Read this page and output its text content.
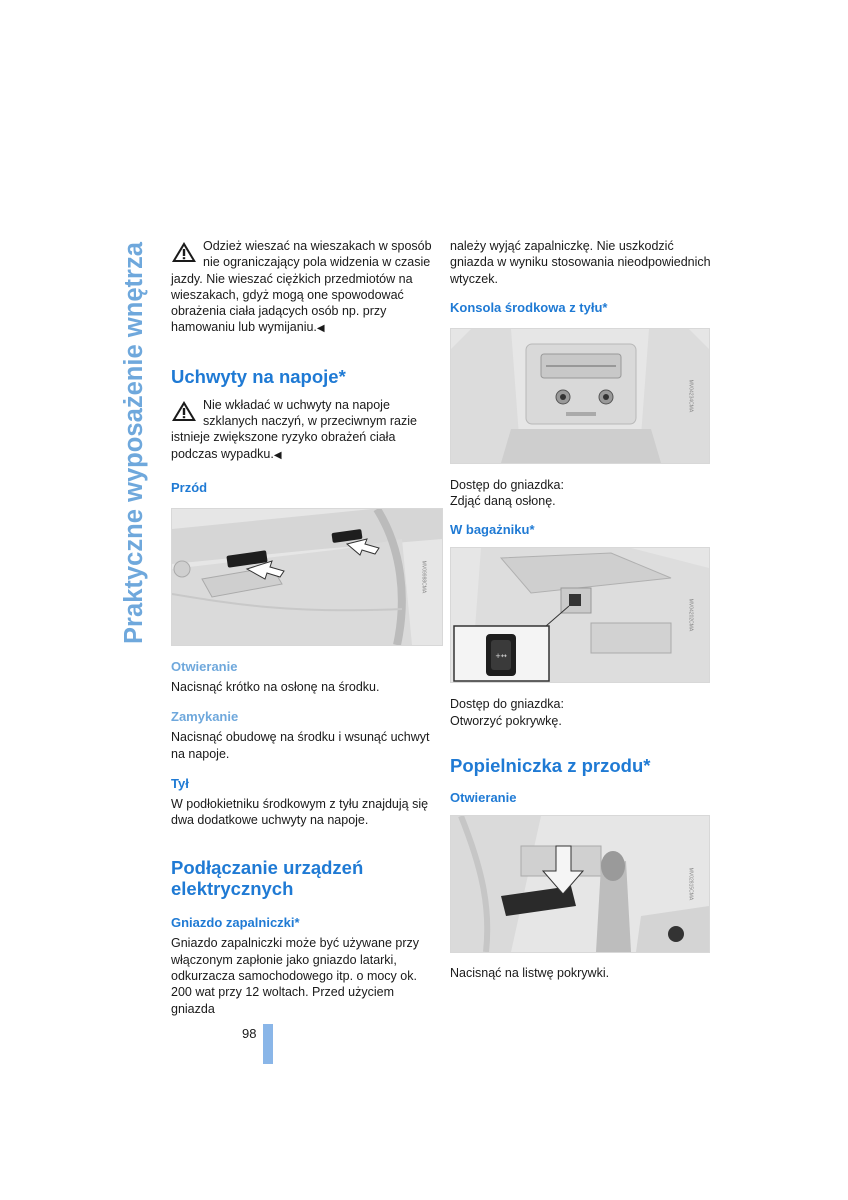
Praktyczne wyposażenie wnętrza	Odzież wieszać na wieszakach w sposób nie ograniczający pola widzenia w czasie jazdy. Nie wieszać ciężkich przedmiotów na wieszakach, gdyż mogą one spowodować obrażenia ciała jadących osób np. przy hamowaniu lub wymijaniu.◀

Uchwyty na napoje*

Nie wkładać w uchwyty na napoje szklanych naczyń, w przeciwnym razie istnieje zwiększone ryzyko obrażeń ciała podczas wypadku.◀

Przód
MV09988CMA
Otwieranie

Nacisnąć krótko na osłonę na środku.

Zamykanie

Nacisnąć obudowę na środku i wsunąć uchwyt na napoje.

Tył

W podłokietniku środkowym z tyłu znajdują się dwa dodatkowe uchwyty na napoje.

Podłączanie urządzeń elektrycznych
Gniazdo zapalniczki*

Gniazdo zapalniczki może być używane przy włączonym zapłonie jako gniazdo latarki, odkurzacza samochodowego itp. o mocy ok. 200 wat przy 12 woltach. Przed użyciem gniazda

należy wyjąć zapalniczkę. Nie uszkodzić gniazda w wyniku stosowania nieodpowiednich wtyczek.

Konsola środkowa z tyłu*
MV04234CMA

Dostęp do gniazdka:
Zdjąć daną osłonę.

W bagażniku*
+↔
MV04202CMA

Dostęp do gniazdka:
Otworzyć pokrywkę.

Popielniczka z przodu*
Otwieranie
MV02815CMA

Nacisnąć na listwę pokrywki.

98
